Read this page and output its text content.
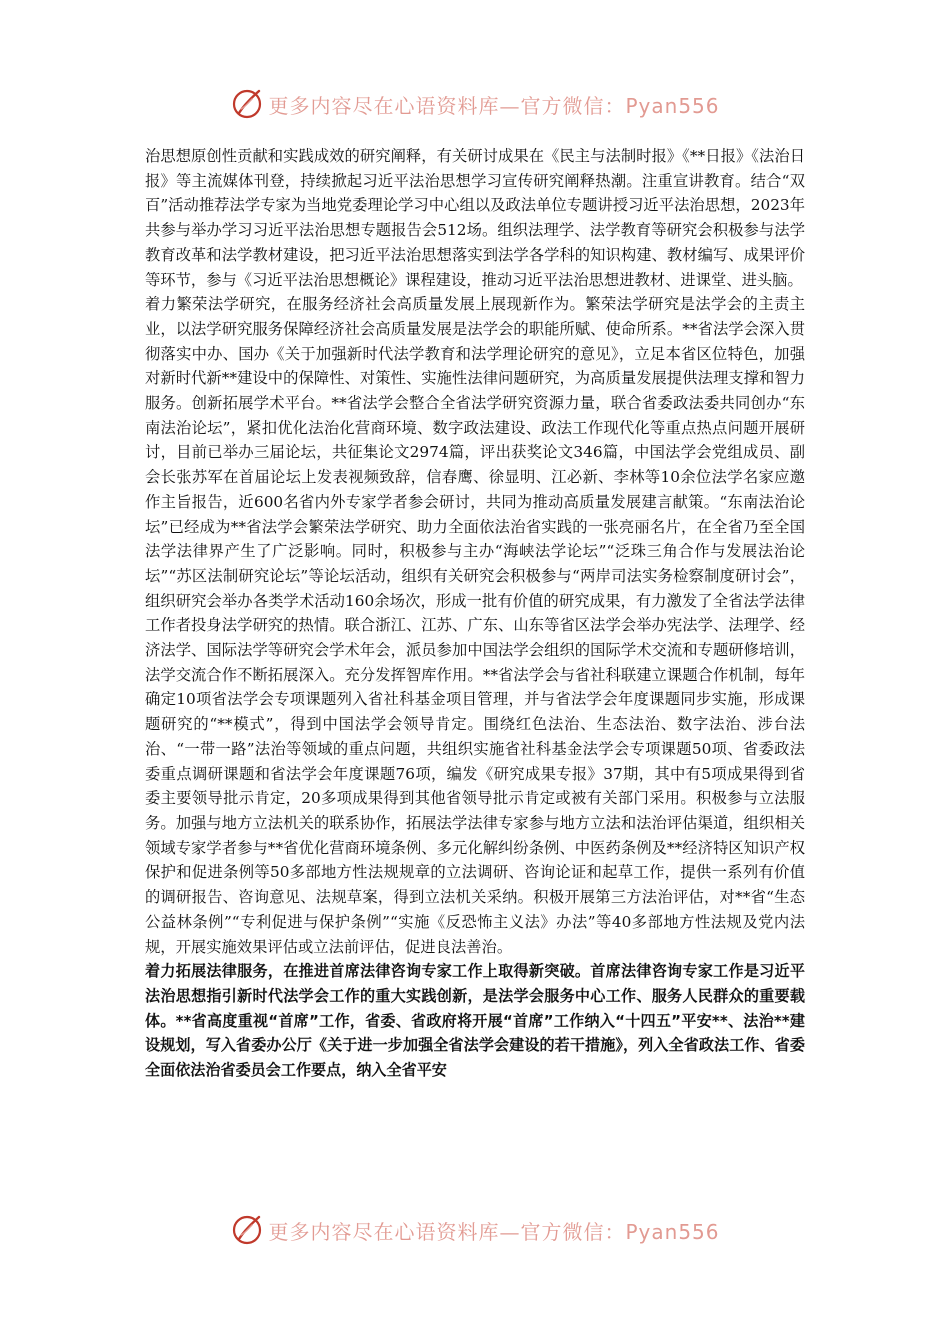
更多内容尽在心语资料库—官方微信：Pyan556

治思想原创性贡献和实践成效的研究阐释，有关研讨成果在《民主与法制时报》《**日报》《法治日报》等主流媒体刊登，持续掀起习近平法治思想学习宣传研究阐释热潮。注重宣讲教育。结合“双百”活动推荐法学专家为当地党委理论学习中心组以及政法单位专题讲授习近平法治思想，2023年共参与举办学习习近平法治思想专题报告会512场。组织法理学、法学教育等研究会积极参与法学教育改革和法学教材建设，把习近平法治思想落实到法学各学科的知识构建、教材编写、成果评价等环节，参与《习近平法治思想概论》课程建设，推动习近平法治思想进教材、进课堂、进头脑。

着力繁荣法学研究，在服务经济社会高质量发展上展现新作为。繁荣法学研究是法学会的主责主业，以法学研究服务保障经济社会高质量发展是法学会的职能所赋、使命所系。**省法学会深入贯彻落实中办、国办《关于加强新时代法学教育和法学理论研究的意见》，立足本省区位特色，加强对新时代新**建设中的保障性、对策性、实施性法律问题研究，为高质量发展提供法理支撑和智力服务。创新拓展学术平台。**省法学会整合全省法学研究资源力量，联合省委政法委共同创办“东南法治论坛”，紧扣优化法治化营商环境、数字政法建设、政法工作现代化等重点热点问题开展研讨，目前已举办三届论坛，共征集论文2974篇，评出获奖论文346篇，中国法学会党组成员、副会长张苏军在首届论坛上发表视频致辞，信春鹰、徐显明、江必新、李林等10余位法学名家应邀作主旨报告，近600名省内外专家学者参会研讨，共同为推动高质量发展建言献策。“东南法治论坛”已经成为**省法学会繁荣法学研究、助力全面依法治省实践的一张亮丽名片，在全省乃至全国法学法律界产生了广泛影响。同时，积极参与主办“海峡法学论坛”“泛珠三角合作与发展法治论坛”“苏区法制研究论坛”等论坛活动，组织有关研究会积极参与“两岸司法实务检察制度研讨会”，组织研究会举办各类学术活动160余场次，形成一批有价值的研究成果，有力激发了全省法学法律工作者投身法学研究的热情。联合浙江、江苏、广东、山东等省区法学会举办宪法学、法理学、经济法学、国际法学等研究会学术年会，派员参加中国法学会组织的国际学术交流和专题研修培训，法学交流合作不断拓展深入。充分发挥智库作用。**省法学会与省社科联建立课题合作机制，每年确定10项省法学会专项课题列入省社科基金项目管理，并与省法学会年度课题同步实施，形成课题研究的“**模式”，得到中国法学会领导肯定。围绕红色法治、生态法治、数字法治、涉台法治、“一带一路”法治等领域的重点问题，共组织实施省社科基金法学会专项课题50项、省委政法委重点调研课题和省法学会年度课题76项，编发《研究成果专报》37期，其中有5项成果得到省委主要领导批示肯定，20多项成果得到其他省领导批示肯定或被有关部门采用。积极参与立法服务。加强与地方立法机关的联系协作，拓展法学法律专家参与地方立法和法治评估渠道，组织相关领域专家学者参与**省优化营商环境条例、多元化解纠纷条例、中医药条例及**经济特区知识产权保护和促进条例等50多部地方性法规规章的立法调研、咨询论证和起草工作，提供一系列有价值的调研报告、咨询意见、法规草案，得到立法机关采纳。积极开展第三方法治评估，对**省“生态公益林条例”“专利促进与保护条例”“实施《反恐怖主义法》办法”等40多部地方性法规及党内法规，开展实施效果评估或立法前评估，促进良法善治。

着力拓展法律服务，在推进首席法律咨询专家工作上取得新突破。首席法律咨询专家工作是习近平法治思想指引新时代法学会工作的重大实践创新，是法学会服务中心工作、服务人民群众的重要载体。**省高度重视“首席”工作，省委、省政府将开展“首席”工作纳入“十四五”平安**、法治**建设规划，写入省委办公厅《关于进一步加强全省法学会建设的若干措施》，列入全省政法工作、省委全面依法治省委员会工作要点，纳入全省平安

更多内容尽在心语资料库—官方微信：Pyan556
